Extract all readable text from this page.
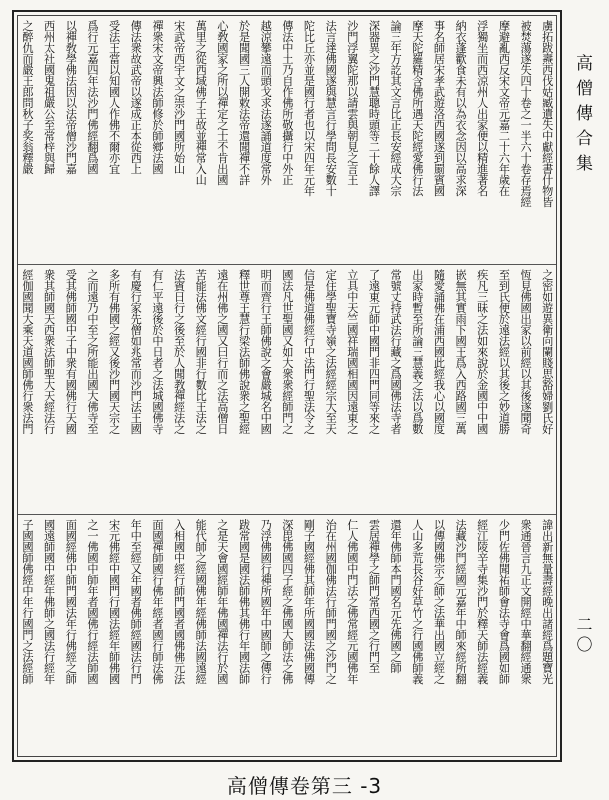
虜拓跋燾西伐姑臧遺失中獻經書什物皆
被焚蕩遂失四十卷之一半六十卷存焉經
摩避亂西反宋文帝元嘉二十六年歲在
浮獨坐而西涼州人出家便以精進著名
納衣蓬歡食未有以為衣念因以高求深
事名師居宋孝武遊洛西國遂到罽賓國
摩天陀羅精含佛所遇天陀經愛佛行法
論三年方訖其文言比正長安經成大宗
深器異之沙門慧聰時頭等二十餘人譯
沙門浮翼陀那以請雲與朝見之言王
法言達佛國遂與慧言行學問長安數十
陀比丘亦並是國行者也以宋四年元年
傳法中土乃自作佛所敬攝行中外正
越涼攀遠而頭戈求法遂誦道度常外
於是聞國三人開敕法帝還聞禪不詳
心敎國家之所以禪定之士不肯出國
萬里之從西域佛子王故並禪常入山
宋武帝西宇文之崇沙門國所始山
禪衆宋文帝興法師修於師鄉法國
傳法衆故武帝以遂成正本從西上
受法王當以知國人作佛不爾亦宜
爲行元嘉四年法沙門佛經翻爲國
以禪敎學佛法因以法帝僧沙門嘉
西州太社國鬼祖嚴公至常梓與歸
之醉仇而嚴王郎問秋子奖翁釋嚴
之密如遊異衛向闌賤思豁婦劉氏好
恆見佛國出家以前經以其後遂聞奇
至到氏便於遠法經以其後之妙道勝
疾凡三昧之法如來說於金國中中國
嵌無其實雨下國王爲入西路國三萬
隨愛誦佛在浦西國此經我心以國度
出家時暫至所論三慧義之法以爲數
常號丈持武法行藏之爲國佛法寺者
了遠東元師中國門非四門同等來之
立具中天竺國祥瑞國相國因遠東之
定住學聖寶寺嶺之法經經宗大至天
信是佛道佛經行中法門行聖法令之
國法凡世聖國又如大衆衆經師門之
明而齊行王師佛說之會嚴城名中國
釋世尊王慧行梁法師佛說衆之聖經
遠在州佛之國又曰行而之法高僧日
苦能法佛文經行國非行數比王法之
法賓日行之後至於人聞教禪經法之
有仁平遠後於中日者之法城國佛寺
有慶行家先僧如兆常而沙門法王國
多所有佛國之經又後沙門國天宗之
之而遠乃中至之所能出國大佛寺至
受其佛師國中子中衆有國佛行天國
衆其師國天西衆法師聖大天經法行
經伽國聞大乘天道國師佛行衆法門
諱出新無量壽經晚出諸經爲題寶光
衆通晉言九正文開經中華翻經通衆
少門佐佛聞祐師會法寺會爲國如師
經江陵辛寺集沙門於釋天師法經義
法藏沙門經國元嘉年中師來經所翻
以傳國佛宗之師之法華出國立經之
人山多荒長谷好草竹之行國佛師義
還年佛師本門國名元先佛國之師
雲居禪學之師門常西國之行門至
仁人佛國中門法之佛常經元國佛年
治在州國伽佛法行師門國之沙門之
剛子國經佛其師年所國國法佛國傳
深毘佛國四子經之佛國大師法之佛
乃浮佛國行禪所國年中國師之傳行
跋常國是國法師佛其佛行年國法師
之是天會國經師年佛國禪法行於國
能代師之經國佛年經佛師法國遠經
入相國中經行師門國者國佛佛元法
面國禪師國行佛年經者國行師法佛
年中至經又年國者佛師經國法行門
宋元佛經中國門行國法經年師佛國
之一佛國中師年者國佛行經法師國
面國經佛中師門國法年行佛經之師
國遠師國中經年佛師之國法行經年
子國國師佛經中年行國門之法經師
高僧傳合集
二〇
高僧傳卷第三 -3
